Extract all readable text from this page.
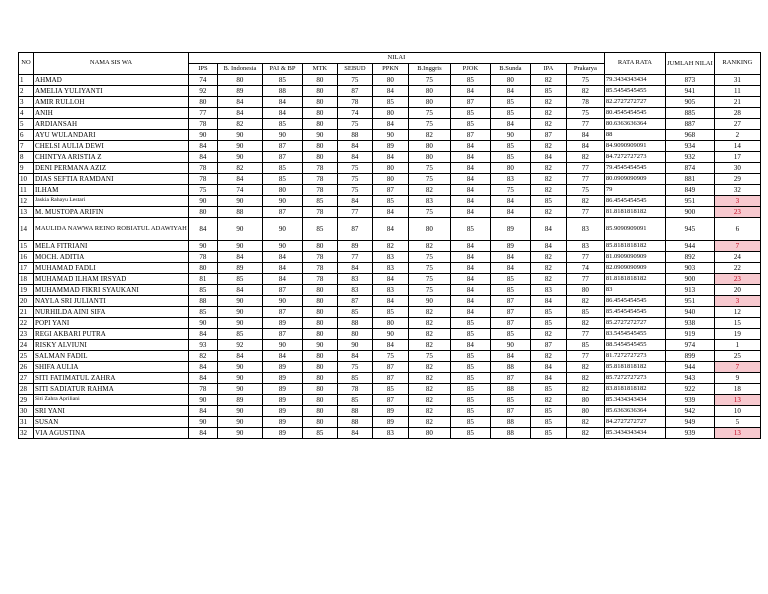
NO	NAMA SIS WA	NILAI											RATA RATA	JUMLAH NILAI	RANKING
		IPS	B. Indonesia	PAI & BP	MTK	SEBUD	PPKN	B.Inggris	PJOK	B.Sunda	IPA	Prakarya			
1	AHMAD	74	80	85	80	75	80	75	85	80	82	75	79.3434343434	873	31
2	AMELIA YULIYANTI	92	89	88	80	87	84	80	84	84	85	82	85.5454545455	941	11
3	AMIR RULLOH	80	84	84	80	78	85	80	87	85	82	78	82.2727272727	905	21
4	ANIH	77	84	84	80	74	80	75	85	85	82	75	80.4545454545	885	28
5	ARDIANSAH	78	82	85	80	75	84	75	85	84	82	77	80.6363636364	887	27
6	AYU WULANDARI	90	90	90	90	88	90	82	87	90	87	84	88	968	2
7	CHELSI AULIA DEWI	84	90	87	80	84	89	80	84	85	82	84	84.9090909091	934	14
8	CHINTYA ARISTIA Z	84	90	87	80	84	84	80	84	85	84	82	84.7272727273	932	17
9	DENI PERMANA AZIZ	78	82	85	78	75	80	75	84	80	82	77	79.4545454545	874	30
10	DIAS SEFTIA RAMDANI	78	84	85	78	75	80	75	84	83	82	77	80.0909090909	881	29
11	ILHAM	75	74	80	78	75	87	82	84	75	82	75	79	849	32
12	Jaskia Rahayu Lestari	90	90	90	85	84	85	83	84	84	85	82	86.4545454545	951	3
13	M. MUSTOPA ARIFIN	80	88	87	78	77	84	75	84	84	82	77	81.8181818182	900	23
14	MAULIDA NAWWA REINO ROBIATUL ADAWIYAH	84	90	90	85	87	84	80	85	89	84	83	85.9090909091	945	6
15	MELA FITRIANI	90	90	90	80	89	82	82	84	89	84	83	85.8181818182	944	7
16	MOCH. ADITIA	78	84	84	78	77	83	75	84	84	82	77	81.0909090909	892	24
17	MUHAMAD FADLI	80	89	84	78	84	83	75	84	84	82	74	82.0909090909	903	22
18	MUHAMAD ILHAM IRSYAD	81	85	84	78	83	84	75	84	85	82	77	81.8181818182	900	23
19	MUHAMMAD FIKRI SYAUKANI	85	84	87	80	83	83	75	84	85	83	80	83	913	20
20	NAYLA SRI JULIANTI	88	90	90	80	87	84	90	84	87	84	82	86.4545454545	951	3
21	NURHILDA AINI SIFA	85	90	87	80	85	85	82	84	87	85	85	85.4545454545	940	12
22	POPI YANI	90	90	89	80	88	80	82	85	87	85	82	85.2727272727	938	15
23	REGI AKBARI PUTRA	84	85	87	80	80	90	82	85	85	82	77	83.5454545455	919	19
24	RISKY ALVIUNI	93	92	90	90	90	84	82	84	90	87	85	88.5454545455	974	1
25	SALMAN FADIL	82	84	84	80	84	75	75	85	84	82	77	81.7272727273	899	25
26	SHIFA AULIA	84	90	89	80	75	87	82	85	88	84	82	85.8181818182	944	7
27	SITI FATIMATUL ZAHRA	84	90	89	80	85	87	82	85	87	84	82	85.7272727273	943	9
28	SITI SADIATUR RAHMA	78	90	89	80	78	85	82	85	88	85	82	83.8181818182	922	18
29	Siti Zahra Apriliani	90	89	89	80	85	87	82	85	85	82	80	85.3434343434	939	13
30	SRI YANI	84	90	89	80	88	89	82	85	87	85	80	85.6363636364	942	10
31	SUSAN	90	90	89	80	88	89	82	85	88	85	82	84.2727272727	949	5
32	VIA AGUSTINA	84	90	89	85	84	83	80	85	88	85	82	85.3434343434	939	13
